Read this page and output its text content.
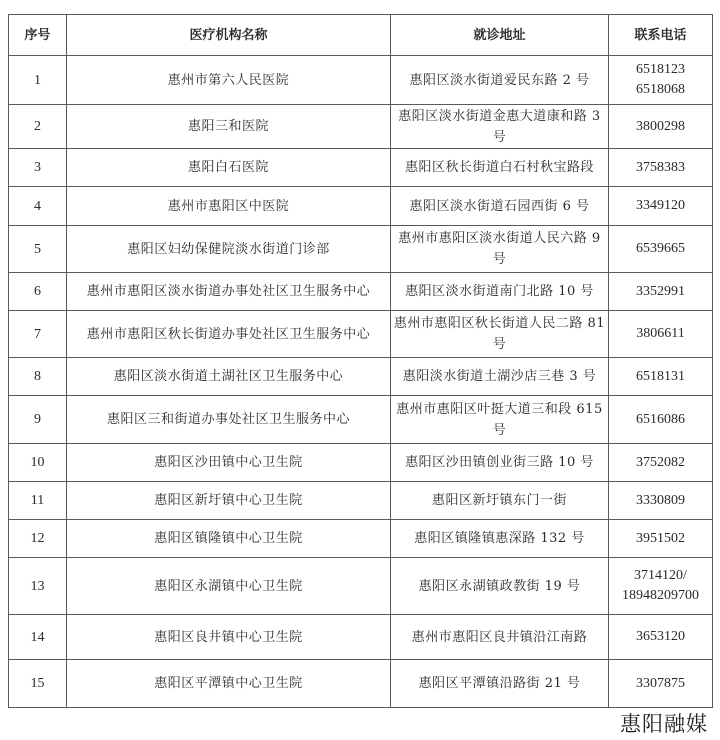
序号	医疗机构名称	就诊地址	联系电话
1	惠州市第六人民医院	惠阳区淡水街道爱民东路 2 号	6518123
6518068

2	惠阳三和医院	惠阳区淡水街道金惠大道康和路 3 号	3800298

3	惠阳白石医院	惠阳区秋长街道白石村秋宝路段	3758383

4	惠州市惠阳区中医院	惠阳区淡水街道石园西街 6 号	3349120

5	惠阳区妇幼保健院淡水街道门诊部	惠州市惠阳区淡水街道人民六路 9 号	6539665

6	惠州市惠阳区淡水街道办事处社区卫生服务中心	惠阳区淡水街道南门北路 10 号	3352991

7	惠州市惠阳区秋长街道办事处社区卫生服务中心	惠州市惠阳区秋长街道人民二路 81 号	3806611

8	惠阳区淡水街道土湖社区卫生服务中心	惠阳淡水街道土湖沙店三巷 3 号	6518131

9	惠阳区三和街道办事处社区卫生服务中心	惠州市惠阳区叶挺大道三和段 615 号	6516086

10	惠阳区沙田镇中心卫生院	惠阳区沙田镇创业街三路 10 号	3752082

11	惠阳区新圩镇中心卫生院	惠阳区新圩镇东门一街	3330809

12	惠阳区镇隆镇中心卫生院	惠阳区镇隆镇惠深路 132 号	3951502

13	惠阳区永湖镇中心卫生院	惠阳区永湖镇政教街 19 号	3714120/
18948209700

14	惠阳区良井镇中心卫生院	惠州市惠阳区良井镇沿江南路	3653120

15	惠阳区平潭镇中心卫生院	惠阳区平潭镇沿路街 21 号	3307875
惠阳融媒
